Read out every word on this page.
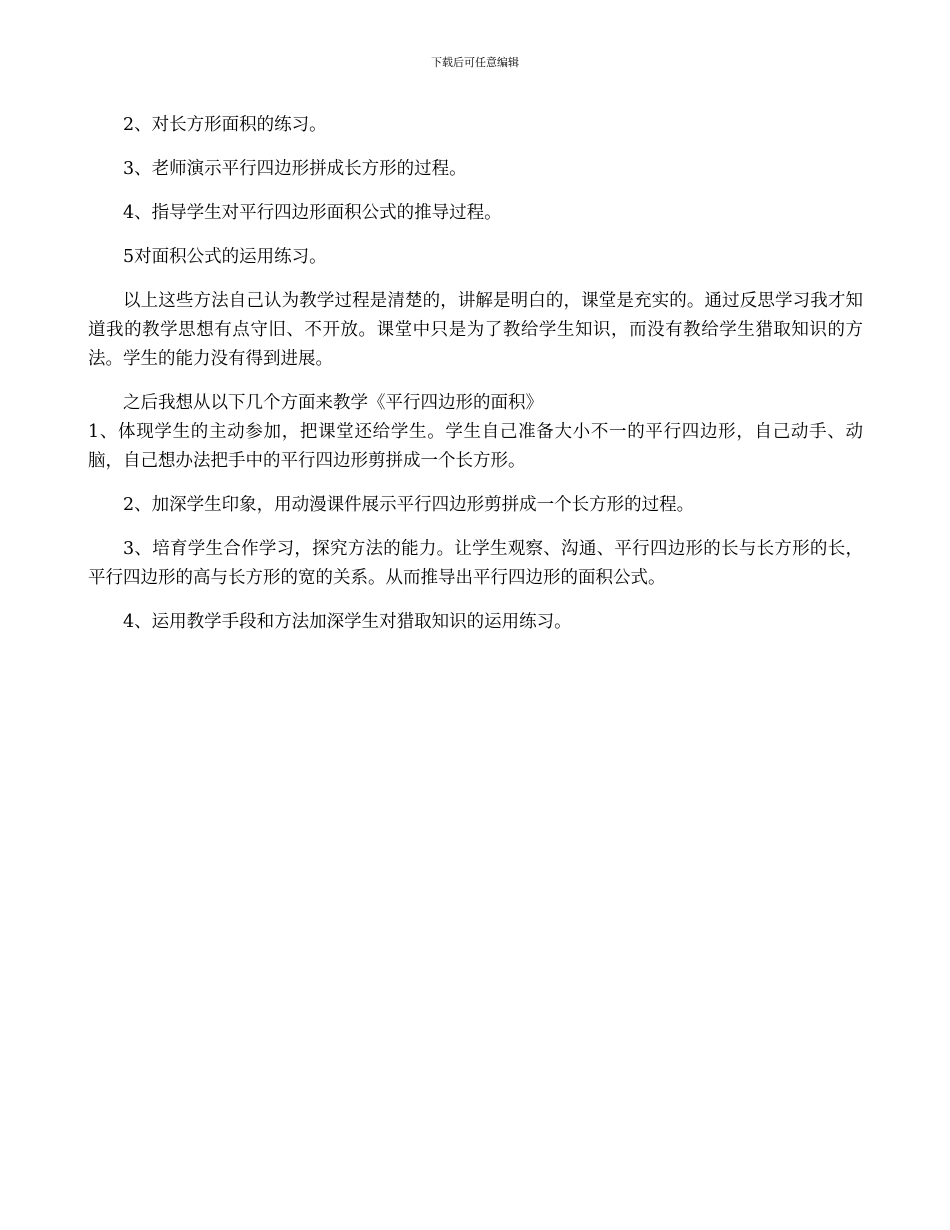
下载后可任意编辑

2、对长方形面积的练习。

3、老师演示平行四边形拼成长方形的过程。

4、指导学生对平行四边形面积公式的推导过程。

5对面积公式的运用练习。

以上这些方法自己认为教学过程是清楚的，讲解是明白的，课堂是充实的。通过反思学习我才知道我的教学思想有点守旧、不开放。课堂中只是为了教给学生知识，而没有教给学生猎取知识的方法。学生的能力没有得到进展。

之后我想从以下几个方面来教学《平行四边形的面积》

1、体现学生的主动参加，把课堂还给学生。学生自己准备大小不一的平行四边形，自己动手、动脑，自己想办法把手中的平行四边形剪拼成一个长方形。

2、加深学生印象，用动漫课件展示平行四边形剪拼成一个长方形的过程。

3、培育学生合作学习，探究方法的能力。让学生观察、沟通、平行四边形的长与长方形的长，平行四边形的高与长方形的宽的关系。从而推导出平行四边形的面积公式。

4、运用教学手段和方法加深学生对猎取知识的运用练习。
